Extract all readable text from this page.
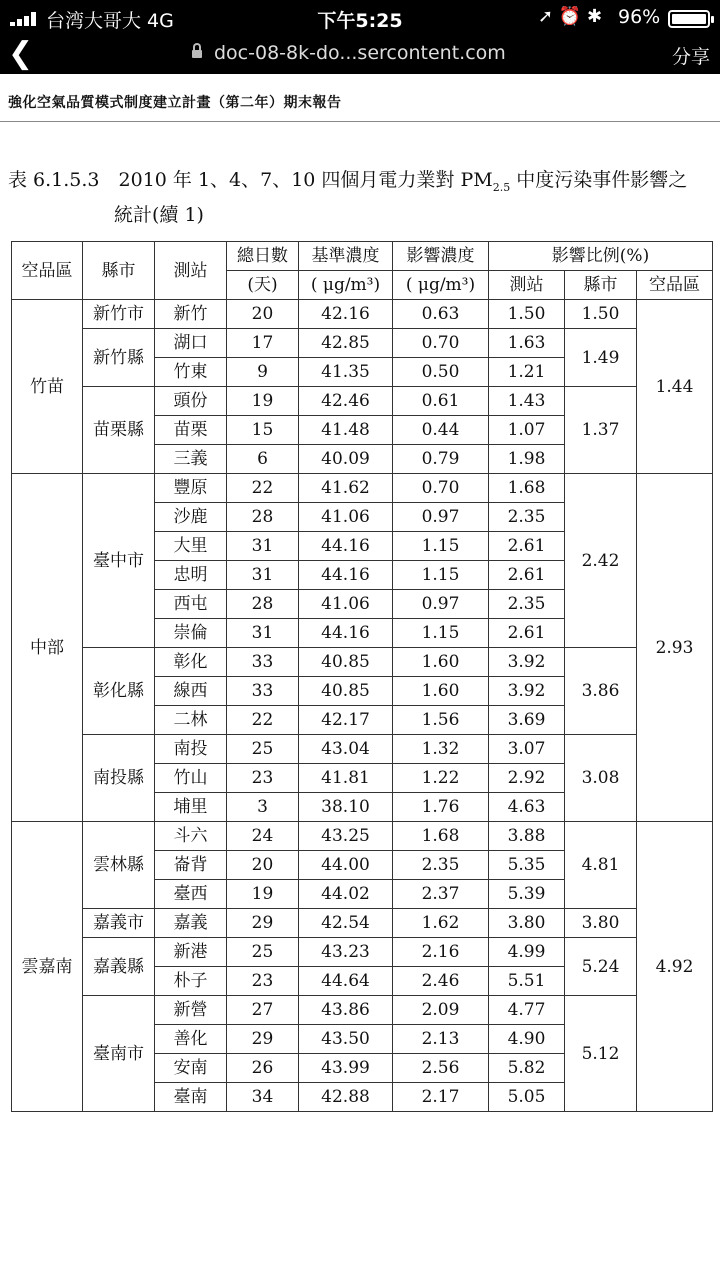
台湾大哥大 4G	下午5:25	➚ ⏰ ✱ 96%
❮	doc-08-8k-do...sercontent.com	分享
強化空氣品質模式制度建立計畫（第二年）期末報告
表 6.1.5.3　2010 年 1、4、7、10 四個月電力業對 $PM_{2.5}$ 中度污染事件影響之
統計(續 1)
空品區	縣市	測站	總日數	基準濃度	影響濃度	影響比例(%)		
			(天)	( μg/m³)	( μg/m³)	測站	縣市	空品區
竹苗	新竹市	新竹	20	42.16	0.63	1.50	1.50	1.44
	新竹縣	湖口	17	42.85	0.70	1.63	1.49	
		竹東	9	41.35	0.50	1.21		
	苗栗縣	頭份	19	42.46	0.61	1.43	1.37	
		苗栗	15	41.48	0.44	1.07		
		三義	6	40.09	0.79	1.98		
中部	臺中市	豐原	22	41.62	0.70	1.68	2.42	2.93
		沙鹿	28	41.06	0.97	2.35		
		大里	31	44.16	1.15	2.61		
		忠明	31	44.16	1.15	2.61		
		西屯	28	41.06	0.97	2.35		
		崇倫	31	44.16	1.15	2.61		
	彰化縣	彰化	33	40.85	1.60	3.92	3.86	
		線西	33	40.85	1.60	3.92		
		二林	22	42.17	1.56	3.69		
	南投縣	南投	25	43.04	1.32	3.07	3.08	
		竹山	23	41.81	1.22	2.92		
		埔里	3	38.10	1.76	4.63		
雲嘉南	雲林縣	斗六	24	43.25	1.68	3.88	4.81	4.92
		崙背	20	44.00	2.35	5.35		
		臺西	19	44.02	2.37	5.39		
	嘉義市	嘉義	29	42.54	1.62	3.80	3.80	
	嘉義縣	新港	25	43.23	2.16	4.99	5.24	
		朴子	23	44.64	2.46	5.51		
	臺南市	新營	27	43.86	2.09	4.77	5.12	
		善化	29	43.50	2.13	4.90		
		安南	26	43.99	2.56	5.82		
		臺南	34	42.88	2.17	5.05		
